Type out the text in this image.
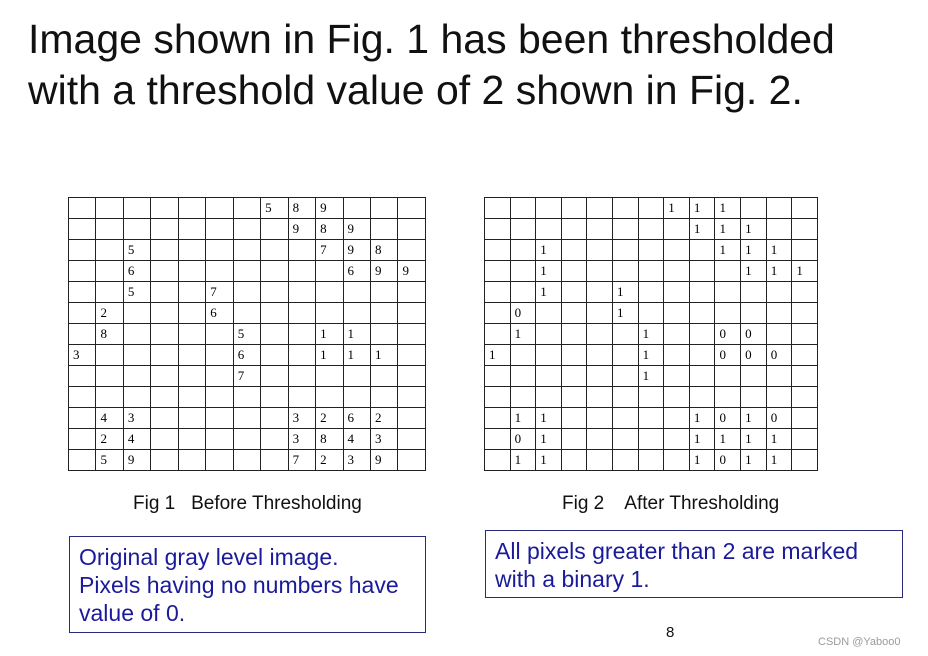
Image shown in Fig. 1 has been thresholded
with a threshold value of 2 shown in Fig. 2.
							5	8	9			
								9	8	9		
		5							7	9	8	
		6								6	9	9
		5			7							
	2				6							
	8					5			1	1		
3						6			1	1	1	
						7						

	4	3						3	2	6	2	
	2	4						3	8	4	3	
	5	9						7	2	3	9	
							1	1	1			
								1	1	1		
		1							1	1	1	
		1								1	1	1
		1			1							
	0				1							
	1					1			0	0		
1						1			0	0	0	
						1						

	1	1						1	0	1	0	
	0	1						1	1	1	1	
	1	1						1	0	1	1	
Fig 1   Before Thresholding	Fig 2    After Thresholding
Original gray level image.
Pixels having no numbers have
value of 0.
All pixels greater than 2 are marked
with a binary 1.
8
CSDN @Yaboo0
